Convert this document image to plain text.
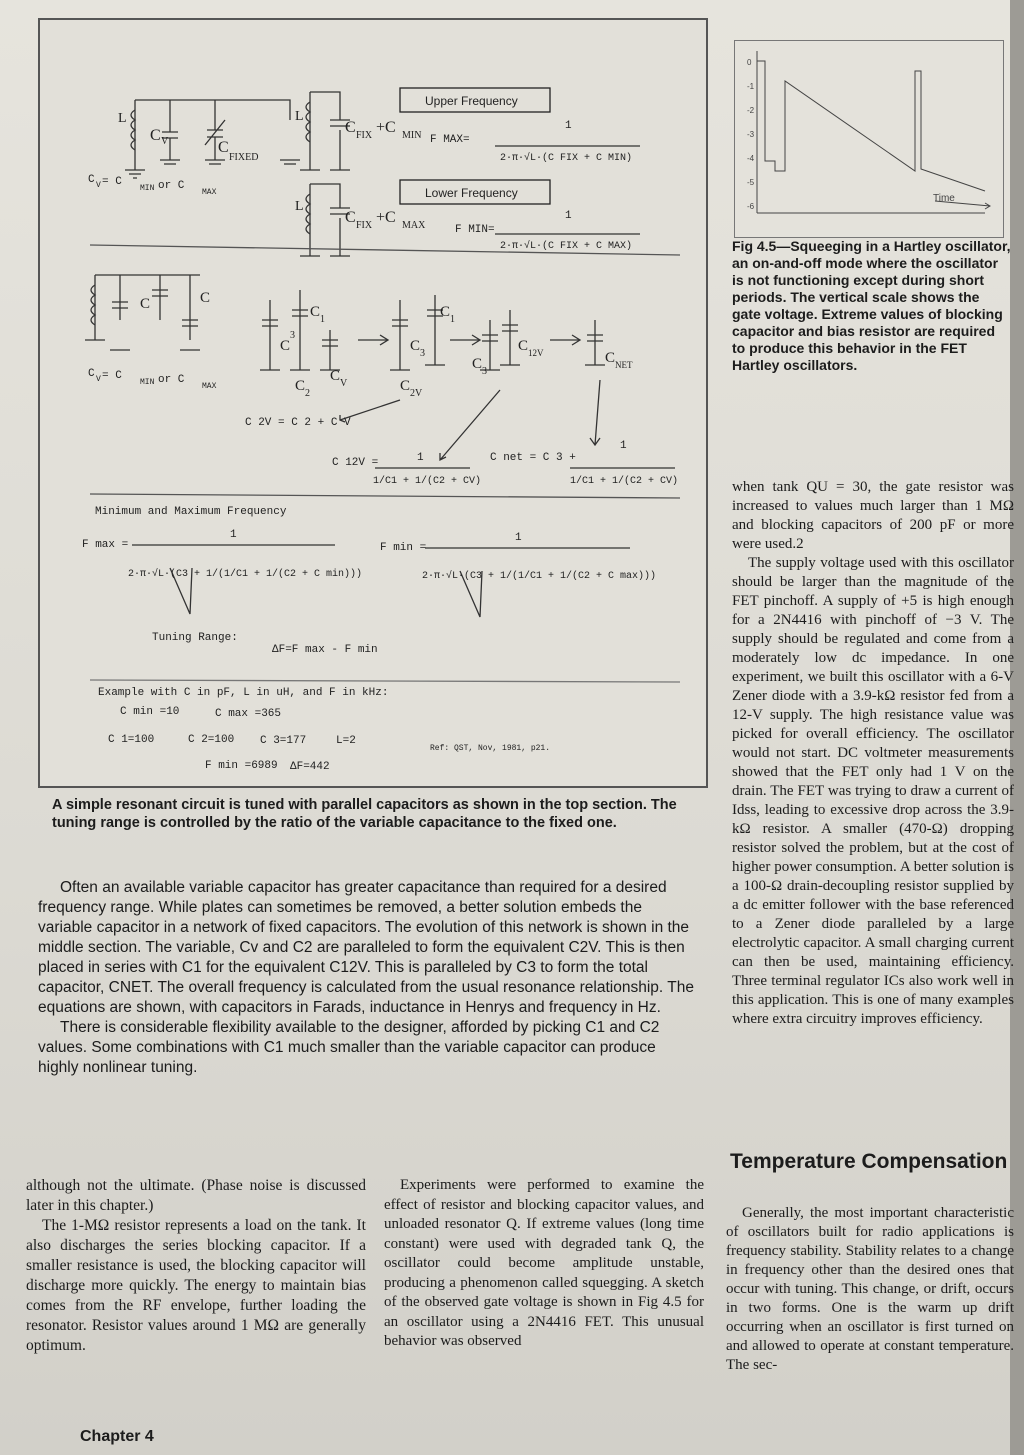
L
C V	C
FIXED
L
C FIX +C MIN
L
C FIX +C MAX
Upper Frequency
Lower Frequency
F MAX=
1
2·π·√L·(C FIX + C MIN)
F MIN=
1
2·π·√L·(C FIX + C MAX)
C V = C
MIN or C
MAX
C V = C
MIN or C
MAX
C 2V = C 2 + C V
C 12V =	1
1/C1 + 1/(C2 + CV)
C net = C 3 +
1
1/C1 + 1/(C2 + CV)
Minimum and Maximum Frequency
F max =
1
2·π·√L·(C3 + 1/(1/C1 + 1/(C2 + C min)))
F min =
1
2·π·√L·(C3 + 1/(1/C1 + 1/(C2 + C max)))
Tuning Range:
ΔF=F max - F min
Example with C in pF, L in uH, and F in kHz:
C min =10	C max =365
C 1=100	C 2=100 C 3=177	L=2
F min =6989 ΔF=442
Ref: QST, Nov, 1981, p21.
C	C
C
3
C 1
C 2
C V
C 3
C 1
C 2V
C 3
C 12V	C NET
A simple resonant circuit is tuned with parallel capacitors as shown in the top section. The tuning range is controlled by the ratio of the variable capacitance to the fixed one.

Often an available variable capacitor has greater capacitance than required for a desired frequency range. While plates can sometimes be removed, a better solution embeds the variable capacitor in a network of fixed capacitors. The evolution of this network is shown in the middle section. The variable, Cv and C2 are paralleled to form the equivalent C2V. This is then placed in series with C1 for the equivalent C12V. This is paralleled by C3 to form the total capacitor, CNET. The overall frequency is calculated from the usual resonance relationship. The equations are shown, with capacitors in Farads, inductance in Henrys and frequency in Hz.

There is considerable flexibility available to the designer, afforded by picking C1 and C2 values. Some combinations with C1 much smaller than the variable capacitor can produce highly nonlinear tuning.

0
-1
-2
-3
-4
-5
-6
Time
Fig 4.5—Squeeging in a Hartley oscillator, an on-and-off mode where the oscillator is not functioning except during short periods. The vertical scale shows the gate voltage. Extreme values of blocking capacitor and bias resistor are required to produce this behavior in the FET Hartley oscillators.

when tank QU = 30, the gate resistor was increased to values much larger than 1 MΩ and blocking capacitors of 200 pF or more were used.2

The supply voltage used with this oscillator should be larger than the magnitude of the FET pinchoff. A supply of +5 is high enough for a 2N4416 with pinchoff of −3 V. The supply should be regulated and come from a moderately low dc impedance. In one experiment, we built this oscillator with a 6-V Zener diode with a 3.9-kΩ resistor fed from a 12-V supply. The high resistance value was picked for overall efficiency. The oscillator would not start. DC voltmeter measurements showed that the FET only had 1 V on the drain. The FET was trying to draw a current of Idss, leading to excessive drop across the 3.9-kΩ resistor. A smaller (470-Ω) dropping resistor solved the problem, but at the cost of higher power consumption. A better solution is a 100-Ω drain-decoupling resistor supplied by a dc emitter follower with the base referenced to a Zener diode paralleled by a large electrolytic capacitor. A small charging current can then be used, maintaining efficiency. Three terminal regulator ICs also work well in this application. This is one of many examples where extra circuitry improves efficiency.

Temperature Compensation

Generally, the most important characteristic of oscillators built for radio applications is frequency stability. Stability relates to a change in frequency other than the desired ones that occur with tuning. This change, or drift, occurs in two forms. One is the warm up drift occurring when an oscillator is first turned on and allowed to operate at constant temperature. The sec-

although not the ultimate. (Phase noise is discussed later in this chapter.)

The 1-MΩ resistor represents a load on the tank. It also discharges the series blocking capacitor. If a smaller resistance is used, the blocking capacitor will discharge more quickly. The energy to maintain bias comes from the RF envelope, further loading the resonator. Resistor values around 1 MΩ are generally optimum.

Experiments were performed to examine the effect of resistor and blocking capacitor values, and unloaded resonator Q. If extreme values (long time constant) were used with degraded tank Q, the oscillator could become amplitude unstable, producing a phenomenon called squegging. A sketch of the observed gate voltage is shown in Fig 4.5 for an oscillator using a 2N4416 FET. This unusual behavior was observed

Chapter 4
